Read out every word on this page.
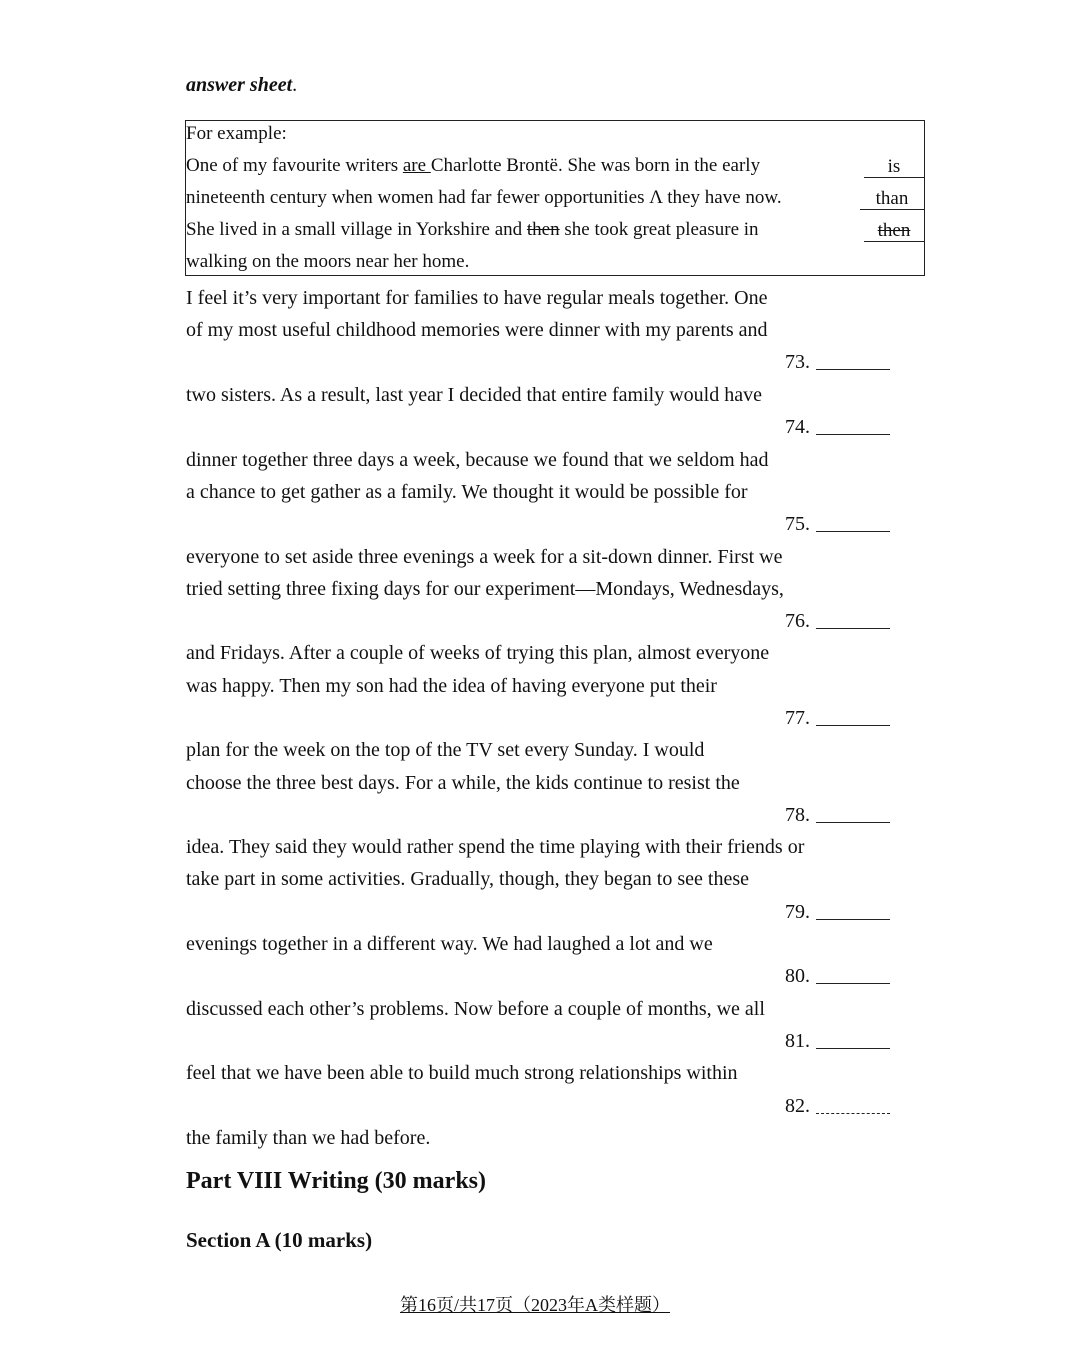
answer sheet.
For example:
One of my favourite writers are Charlotte Brontë. She was born in the early
nineteenth century when women had far fewer opportunities Λ they have now.
She lived in a small village in Yorkshire and then she took great pleasure in
walking on the moors near her home.
is
than
then
I feel it’s very important for families to have regular meals together. One
of my most useful childhood memories were dinner with my parents and
73.
two sisters. As a result, last year I decided that entire family would have
74.
dinner together three days a week, because we found that we seldom had
a chance to get gather as a family. We thought it would be possible for
75.
everyone to set aside three evenings a week for a sit-down dinner. First we
tried setting three fixing days for our experiment—Mondays, Wednesdays,
76.
and Fridays. After a couple of weeks of trying this plan, almost everyone
was happy. Then my son had the idea of having everyone put their
77.
plan for the week on the top of the TV set every Sunday. I would
choose the three best days. For a while, the kids continue to resist the
78.
idea. They said they would rather spend the time playing with their friends or
take part in some activities. Gradually, though, they began to see these
79.
evenings together in a different way. We had laughed a lot and we
80.
discussed each other’s problems. Now before a couple of months, we all
81.
feel that we have been able to build much strong relationships within
82.
the family than we had before.
Part VIII Writing (30 marks)
Section A (10 marks)
第16页/共17页（2023年A类样题）
